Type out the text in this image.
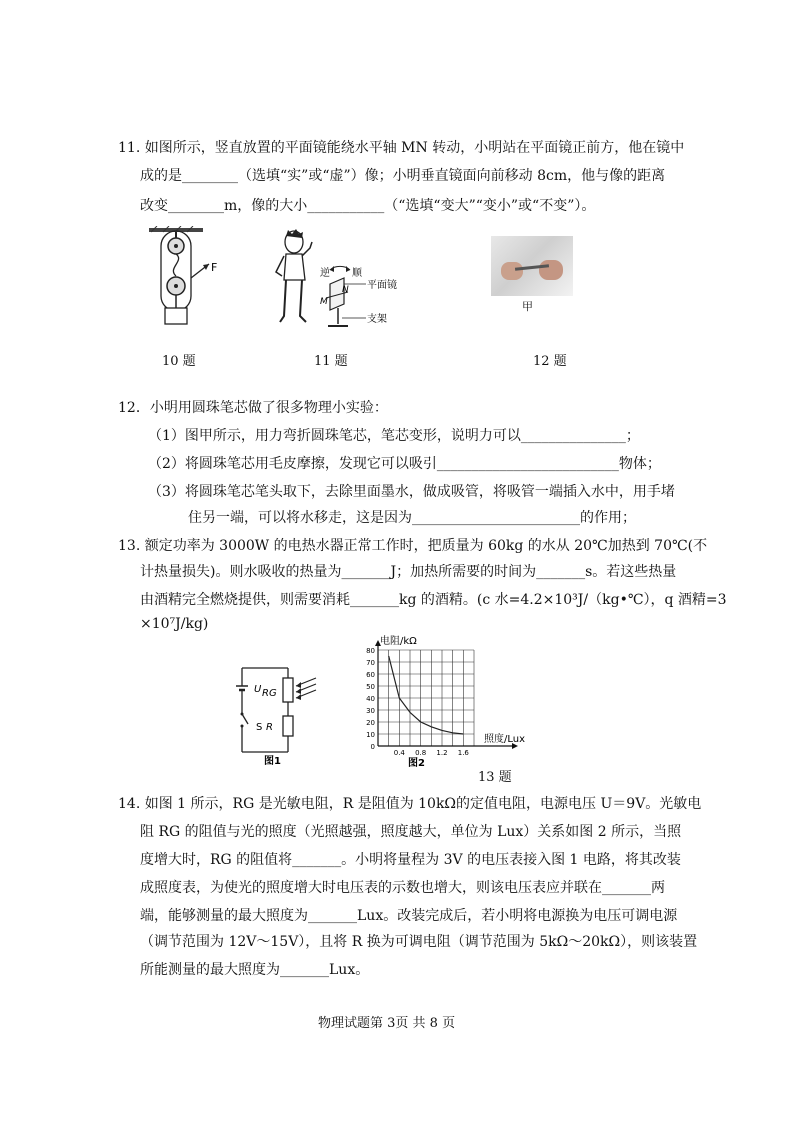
11. 如图所示，竖直放置的平面镜能绕水平轴 MN 转动，小明站在平面镜正前方，他在镜中
成的是________（选填“实”或“虚”）像；小明垂直镜面向前移动 8cm，他与像的距离
改变________m，像的大小___________（“选填“变大”“变小”或“不变”）。
F	逆 顺
M
N 平面镜
支架
甲
10 题	11 题	12 题
12．小明用圆珠笔芯做了很多物理小实验：
（1）图甲所示，用力弯折圆珠笔芯，笔芯变形，说明力可以_______________；
（2）将圆珠笔芯用毛皮摩擦，发现它可以吸引__________________________物体；
（3）将圆珠笔芯笔头取下，去除里面墨水，做成吸管，将吸管一端插入水中，用手堵
住另一端，可以将水移走，这是因为________________________的作用；
13. 额定功率为 3000W 的电热水器正常工作时，把质量为 60kg 的水从 20℃加热到 70℃(不
计热量损失)。则水吸收的热量为_______J；加热所需要的时间为_______s。若这些热量
由酒精完全燃烧提供，则需要消耗_______kg 的酒精。(c 水=4.2×10³J/（kg•℃），q 酒精=3
×10⁷J/kg)
U
S
RG
R
图1
10
20
30
40
50
60
70
80
0
0.4 0.8 1.2 1.6
电阻/kΩ
照度/Lux
图2
13 题
14. 如图 1 所示，RG 是光敏电阻，R 是阻值为 10kΩ的定值电阻，电源电压 U＝9V。光敏电
阻 RG 的阻值与光的照度（光照越强，照度越大，单位为 Lux）关系如图 2 所示，当照
度增大时，RG 的阻值将_______。小明将量程为 3V 的电压表接入图 1 电路，将其改装
成照度表，为使光的照度增大时电压表的示数也增大，则该电压表应并联在_______两
端，能够测量的最大照度为_______Lux。改装完成后，若小明将电源换为电压可调电源
（调节范围为 12V～15V），且将 R 换为可调电阻（调节范围为 5kΩ～20kΩ），则该装置
所能测量的最大照度为_______Lux。
物理试题第 3页 共 8 页
